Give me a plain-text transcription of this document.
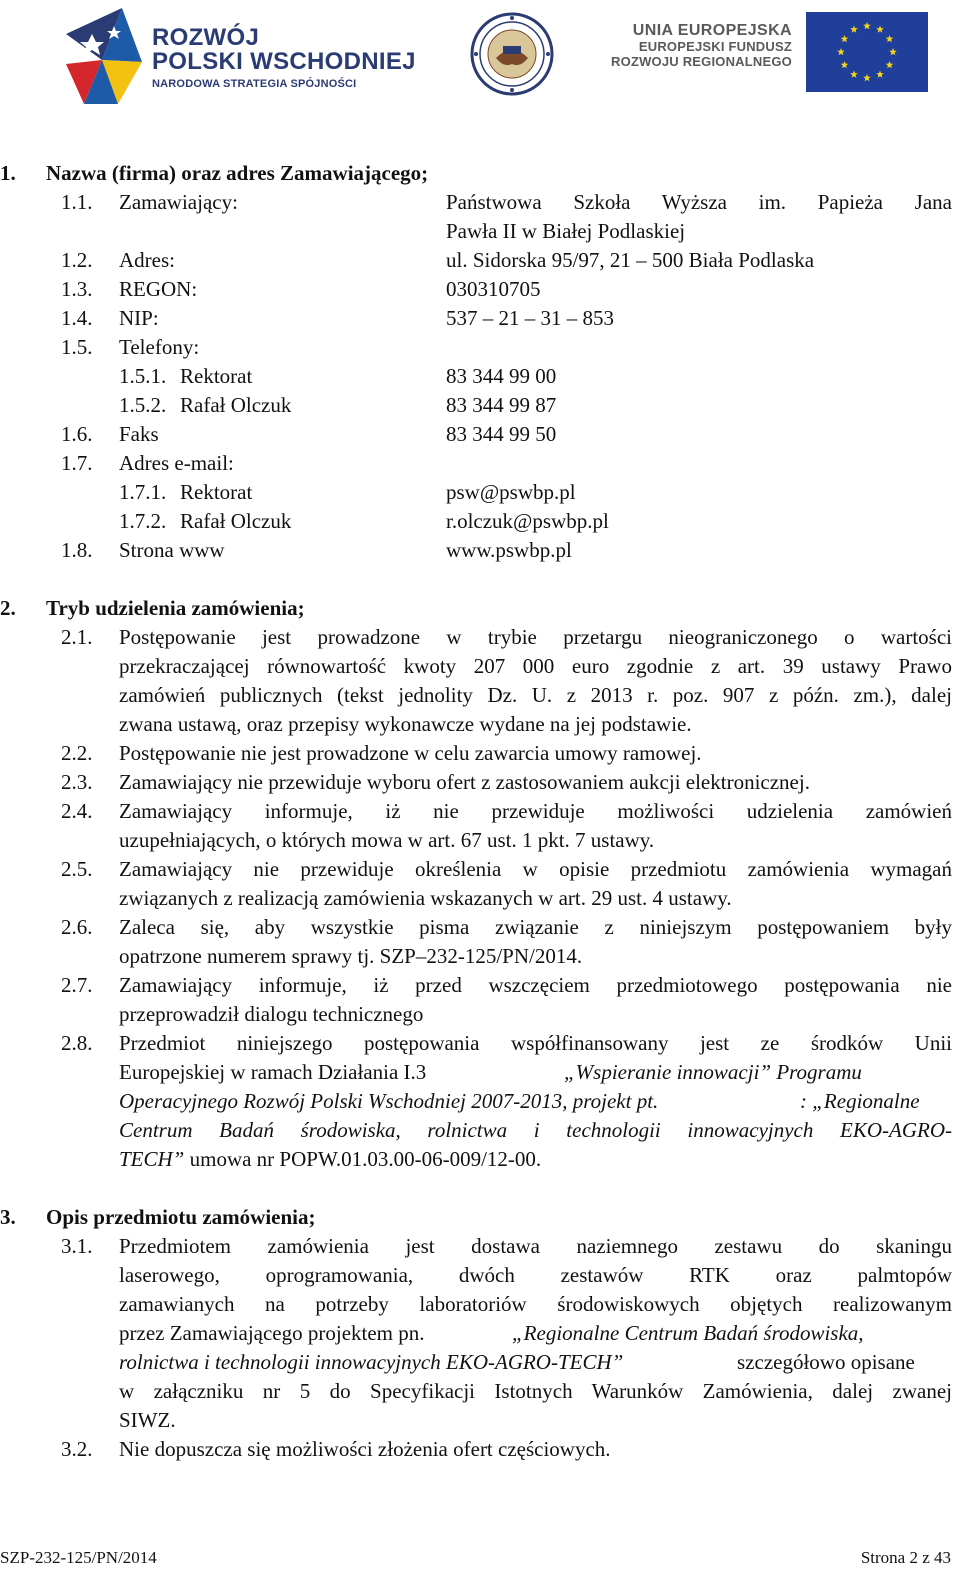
ROZWÓJ
POLSKI WSCHODNIEJ
NARODOWA STRATEGIA SPÓJNOŚCI
UNIA EUROPEJSKA
EUROPEJSKI FUNDUSZ
ROZWOJU REGIONALNEGO
1. Nazwa (firma) oraz adres Zamawiającego;
1.1. Zamawiający:	Państwowa Szkoła Wyższa im. Papieża Jana
Pawła II w Białej Podlaskiej
1.2. Adres:	ul. Sidorska 95/97, 21 – 500 Biała Podlaska
1.3. REGON:	030310705
1.4. NIP:	537 – 21 – 31 – 853
1.5. Telefony:
1.5.1. Rektorat	83 344 99 00
1.5.2. Rafał Olczuk	83 344 99 87
1.6. Faks	83 344 99 50
1.7. Adres e-mail:
1.7.1. Rektorat	psw@pswbp.pl
1.7.2. Rafał Olczuk	r.olczuk@pswbp.pl
1.8. Strona www	www.pswbp.pl
2. Tryb udzielenia zamówienia;
2.1. Postępowanie jest prowadzone w trybie przetargu nieograniczonego o wartości
przekraczającej równowartość kwoty 207 000 euro zgodnie z art. 39 ustawy Prawo
zamówień publicznych (tekst jednolity Dz. U. z 2013 r. poz. 907 z późn. zm.), dalej
zwana ustawą, oraz przepisy wykonawcze wydane na jej podstawie.
2.2. Postępowanie nie jest prowadzone w celu zawarcia umowy ramowej.
2.3. Zamawiający nie przewiduje wyboru ofert z zastosowaniem aukcji elektronicznej.
2.4. Zamawiający informuje, iż nie przewiduje możliwości udzielenia zamówień
uzupełniających, o których mowa w art. 67 ust. 1 pkt. 7 ustawy.
2.5. Zamawiający nie przewiduje określenia w opisie przedmiotu zamówienia wymagań
związanych z realizacją zamówienia wskazanych w art. 29 ust. 4 ustawy.
2.6. Zaleca się, aby wszystkie pisma związanie z niniejszym postępowaniem były
opatrzone numerem sprawy tj. SZP–232-125/PN/2014.
2.7. Zamawiający informuje, iż przed wszczęciem przedmiotowego postępowania nie
przeprowadził dialogu technicznego
2.8. Przedmiot niniejszego postępowania współfinansowany jest ze środków Unii
Europejskiej w ramach Działania I.3	„Wspieranie innowacji” Programu
Operacyjnego Rozwój Polski Wschodniej 2007-2013, projekt pt.	: „Regionalne
Centrum Badań środowiska, rolnictwa i technologii innowacyjnych EKO-AGRO-
TECH” umowa nr POPW.01.03.00-06-009/12-00.
3. Opis przedmiotu zamówienia;
3.1. Przedmiotem zamówienia jest dostawa naziemnego zestawu do skaningu
laserowego, oprogramowania, dwóch zestawów RTK oraz palmtopów
zamawianych na potrzeby laboratoriów środowiskowych objętych realizowanym
przez Zamawiającego projektem pn.	„Regionalne Centrum Badań środowiska,
rolnictwa i technologii innowacyjnych EKO-AGRO-TECH”	szczegółowo opisane
w załączniku nr 5 do Specyfikacji Istotnych Warunków Zamówienia, dalej zwanej
SIWZ.
3.2. Nie dopuszcza się możliwości złożenia ofert częściowych.
SZP-232-125/PN/2014	Strona 2 z 43
